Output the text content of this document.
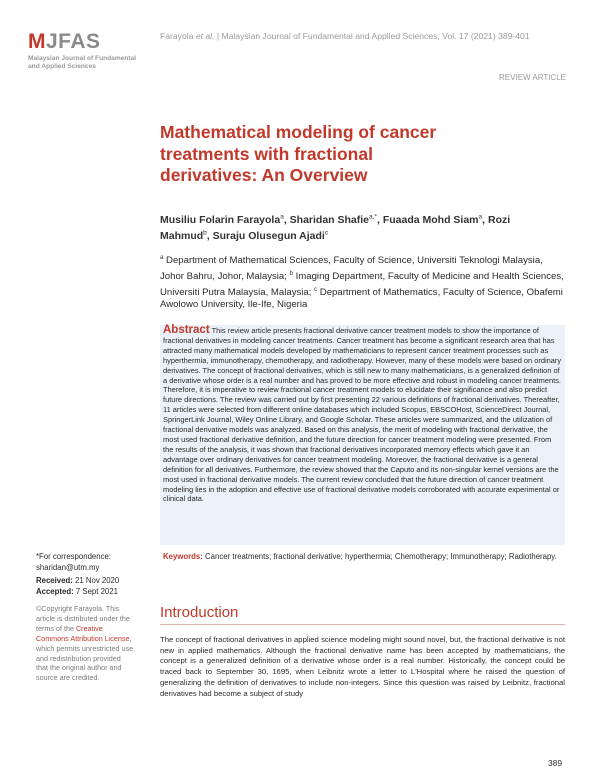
MJFAS
Malaysian Journal of Fundamental and Applied Sciences
Farayola et al. | Malaysian Journal of Fundamental and Applied Sciences, Vol. 17 (2021) 389-401
REVIEW ARTICLE
Mathematical modeling of cancer treatments with fractional derivatives: An Overview
Musiliu Folarin Farayola$^a$, Sharidan Shafie$^{a,*}$, Fuaada Mohd Siam$^a$, Rozi Mahmud$^b$, Suraju Olusegun Ajadi$^c$
$^a$ Department of Mathematical Sciences, Faculty of Science, Universiti Teknologi Malaysia, Johor Bahru, Johor, Malaysia; $^b$ Imaging Department, Faculty of Medicine and Health Sciences, Universiti Putra Malaysia, Malaysia; $^c$ Department of Mathematics, Faculty of Science, Obafemi Awolowo University, Ile-Ife, Nigeria
Abstract This review article presents fractional derivative cancer treatment models to show the importance of fractional derivatives in modeling cancer treatments. Cancer treatment has become a significant research area that has attracted many mathematical models developed by mathematicians to represent cancer treatment processes such as hyperthermia, immunotherapy, chemotherapy, and radiotherapy. However, many of these models were based on ordinary derivatives. The concept of fractional derivatives, which is still new to many mathematicians, is a generalized definition of a derivative whose order is a real number and has proved to be more effective and robust in modeling cancer treatments. Therefore, it is imperative to review fractional cancer treatment models to elucidate their significance and also predict future directions. The review was carried out by first presenting 22 various definitions of fractional derivatives. Thereafter, 11 articles were selected from different online databases which included Scopus, EBSCOHost, ScienceDirect Journal, SpringerLink Journal, Wiley Online Library, and Google Scholar. These articles were summarized, and the utilization of fractional derivative models was analyzed. Based on this analysis, the merit of modeling with fractional derivative, the most used fractional derivative definition, and the future direction for cancer treatment modeling were presented. From the results of the analysis, it was shown that fractional derivatives incorporated memory effects which gave it an advantage over ordinary derivatives for cancer treatment modeling. Moreover, the fractional derivative is a general definition for all derivatives. Furthermore, the review showed that the Caputo and its non-singular kernel versions are the most used in fractional derivative models. The current review concluded that the future direction of cancer treatment modeling lies in the adoption and effective use of fractional derivative models corroborated with accurate experimental or clinical data.
Keywords: Cancer treatments; fractional derivative; hyperthermia; Chemotherapy; Immunotherapy; Radiotherapy.
*For correspondence:
sharidan@utm.my
Received: 21 Nov 2020
Accepted: 7 Sept 2021
©Copyright Farayola. This article is distributed under the terms of the Creative Commons Attribution License, which permits unrestricted use and redistribution provided that the original author and source are credited.
Introduction
The concept of fractional derivatives in applied science modeling might sound novel, but, the fractional derivative is not new in applied mathematics. Although the fractional derivative name has been accepted by mathematicians, the concept is a generalized definition of a derivative whose order is a real number. Historically, the concept could be traced back to September 30, 1695, when Leibnitz wrote a letter to L'Hospital where he raised the question of generalizing the definition of derivatives to include non-integers. Since this question was raised by Leibnitz, fractional derivatives had become a subject of study
389
